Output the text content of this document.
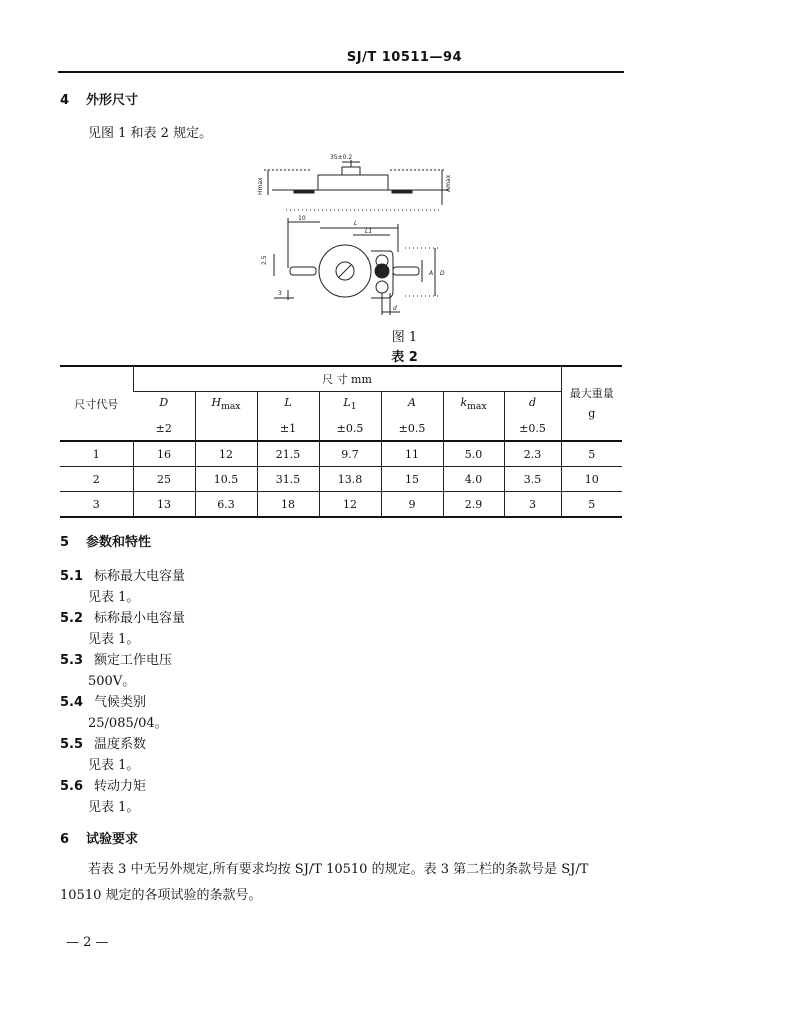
SJ/T 10511—94
4 外形尺寸
见图 1 和表 2 规定。
35±0.2
Hmax	Amax
10
L
L1
2.5
A D
3
d
图 1
表 2
尺寸代号	尺 寸 mm							最大重量
g

	D	$H_{max}$	L	$L_1$	A	$k_{max}$	d	
	±2		±1	±0.5	±0.5		±0.5	
1	16	12	21.5	9.7	11	5.0	2.3	5
2	25	10.5	31.5	13.8	15	4.0	3.5	10
3	13	6.3	18	12	9	2.9	3	5
5 参数和特性
5.1 标称最大电容量
见表 1。
5.2 标称最小电容量
见表 1。
5.3 额定工作电压
500V。
5.4 气候类别
25/085/04。
5.5 温度系数
见表 1。
5.6 转动力矩
见表 1。
6 试验要求
若表 3 中无另外规定,所有要求均按 SJ/T 10510 的规定。表 3 第二栏的条款号是 SJ/T 10510 规定的各项试验的条款号。
— 2 —
